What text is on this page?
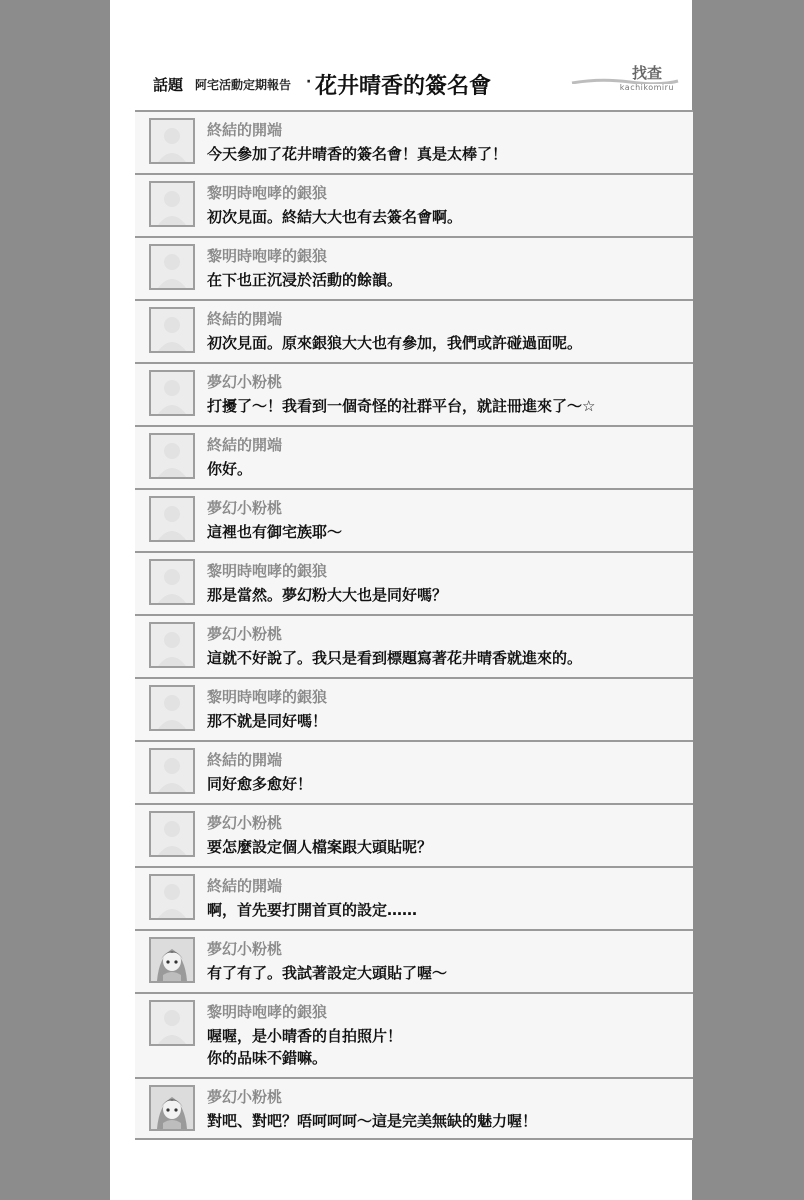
話題 阿宅活動定期報告 · 花井晴香的簽名會
找查
kachikomiru
終結的開端
今天參加了花井晴香的簽名會！真是太棒了！
黎明時咆哮的銀狼
初次見面。終結大大也有去簽名會啊。
黎明時咆哮的銀狼
在下也正沉浸於活動的餘韻。
終結的開端
初次見面。原來銀狼大大也有參加，我們或許碰過面呢。
夢幻小粉桃
打擾了～！我看到一個奇怪的社群平台，就註冊進來了～☆
終結的開端
你好。
夢幻小粉桃
這裡也有御宅族耶～
黎明時咆哮的銀狼
那是當然。夢幻粉大大也是同好嗎？
夢幻小粉桃
這就不好說了。我只是看到標題寫著花井晴香就進來的。
黎明時咆哮的銀狼
那不就是同好嗎！
終結的開端
同好愈多愈好！
夢幻小粉桃
要怎麼設定個人檔案跟大頭貼呢？
終結的開端
啊，首先要打開首頁的設定……
夢幻小粉桃
有了有了。我試著設定大頭貼了喔～
黎明時咆哮的銀狼
喔喔，是小晴香的自拍照片！
你的品味不錯嘛。
夢幻小粉桃
對吧、對吧？唔呵呵呵～這是完美無缺的魅力喔！
